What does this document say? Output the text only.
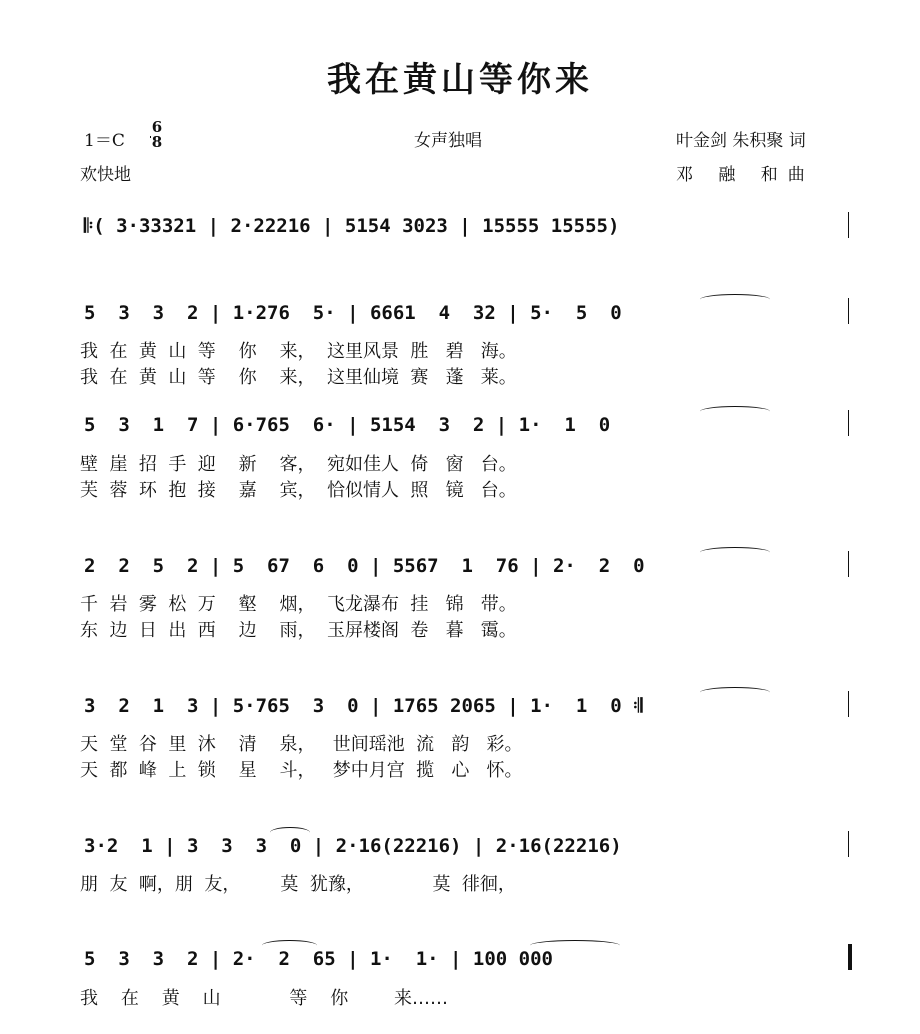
我在黄山等你来
1＝C
6
8
欢快地
女声独唱	叶金剑 朱积聚 词
邓 融 和曲
𝄆( 3·33321 | 2·22216 | 5154 3023 | 15555 15555)
5  3  3  2 | 1·276  5· | 6661  4  32 | 5·  5  0
我  在  黄  山  等    你    来，  这里风景  胜   碧   海。
我  在  黄  山  等    你    来，  这里仙境  赛   蓬   莱。
5  3  1  7 | 6·765  6· | 5154  3  2 | 1·  1  0
壁  崖  招  手  迎    新    客，  宛如佳人  倚   窗   台。
芙  蓉  环  抱  接    嘉    宾，  恰似情人  照   镜   台。
2  2  5  2 | 5  67  6  0 | 5567  1  76 | 2·  2  0
千  岩  雾  松  万    壑    烟，  飞龙瀑布  挂   锦   带。
东  边  日  出  西    边    雨，  玉屏楼阁  卷   暮   霭。
3  2  1  3 | 5·765  3  0 | 1765 2065 | 1·  1  0 𝄇
天  堂  谷  里  沐    清    泉，   世间瑶池  流   韵   彩。
天  都  峰  上  锁    星    斗，   梦中月宫  揽   心   怀。
3·2  1 | 3  3  3  0 | 2·16(22216) | 2·16(22216)
朋  友  啊，朋  友，       莫  犹豫，            莫  徘徊，
5  3  3  2 | 2·  2  65 | 1·  1· | 100 000
我    在    黄    山            等    你        来……
